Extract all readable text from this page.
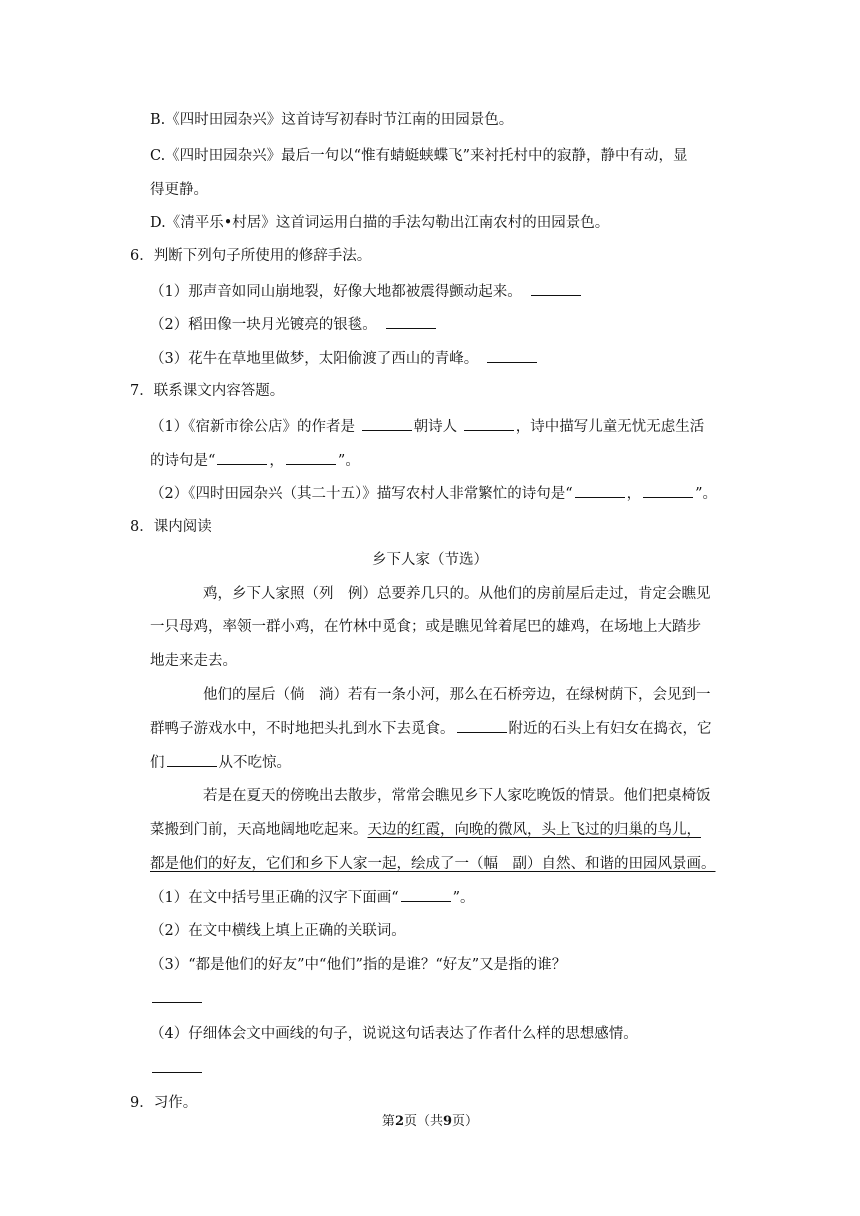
B.《四时田园杂兴》这首诗写初春时节江南的田园景色。
C.《四时田园杂兴》最后一句以“惟有蜻蜓蛱蝶飞”来衬托村中的寂静，静中有动，显
得更静。
D.《清平乐•村居》这首词运用白描的手法勾勒出江南农村的田园景色。
6．判断下列句子所使用的修辞手法。
（1）那声音如同山崩地裂，好像大地都被震得颤动起来。　
（2）稻田像一块月光镀亮的银毯。　
（3）花牛在草地里做梦，太阳偷渡了西山的青峰。　
7．联系课文内容答题。
（1）《宿新市徐公店》的作者是	朝诗人	，诗中描写儿童无忧无虑生活
的诗句是“	，	”。
（2）《四时田园杂兴（其二十五）》描写农村人非常繁忙的诗句是“	，	”。
8．课内阅读
乡下人家（节选）
鸡，乡下人家照（列　例）总要养几只的。从他们的房前屋后走过，肯定会瞧见
一只母鸡，率领一群小鸡，在竹林中觅食；或是瞧见耸着尾巴的雄鸡，在场地上大踏步
地走来走去。
他们的屋后（倘　淌）若有一条小河，那么在石桥旁边，在绿树荫下，会见到一
群鸭子游戏水中，不时地把头扎到水下去觅食。	附近的石头上有妇女在捣衣，它
们	从不吃惊。
若是在夏天的傍晚出去散步，常常会瞧见乡下人家吃晚饭的情景。他们把桌椅饭
菜搬到门前，天高地阔地吃起来。天边的红霞，向晚的微风，头上飞过的归巢的鸟儿，
都是他们的好友，它们和乡下人家一起，绘成了一（幅　副）自然、和谐的田园风景画。
（1）在文中括号里正确的汉字下面画“	”。
（2）在文中横线上填上正确的关联词。
（3）“都是他们的好友”中“他们”指的是谁？“好友”又是指的谁？
（4）仔细体会文中画线的句子，说说这句话表达了作者什么样的思想感情。
9．习作。
第2页（共9页）
